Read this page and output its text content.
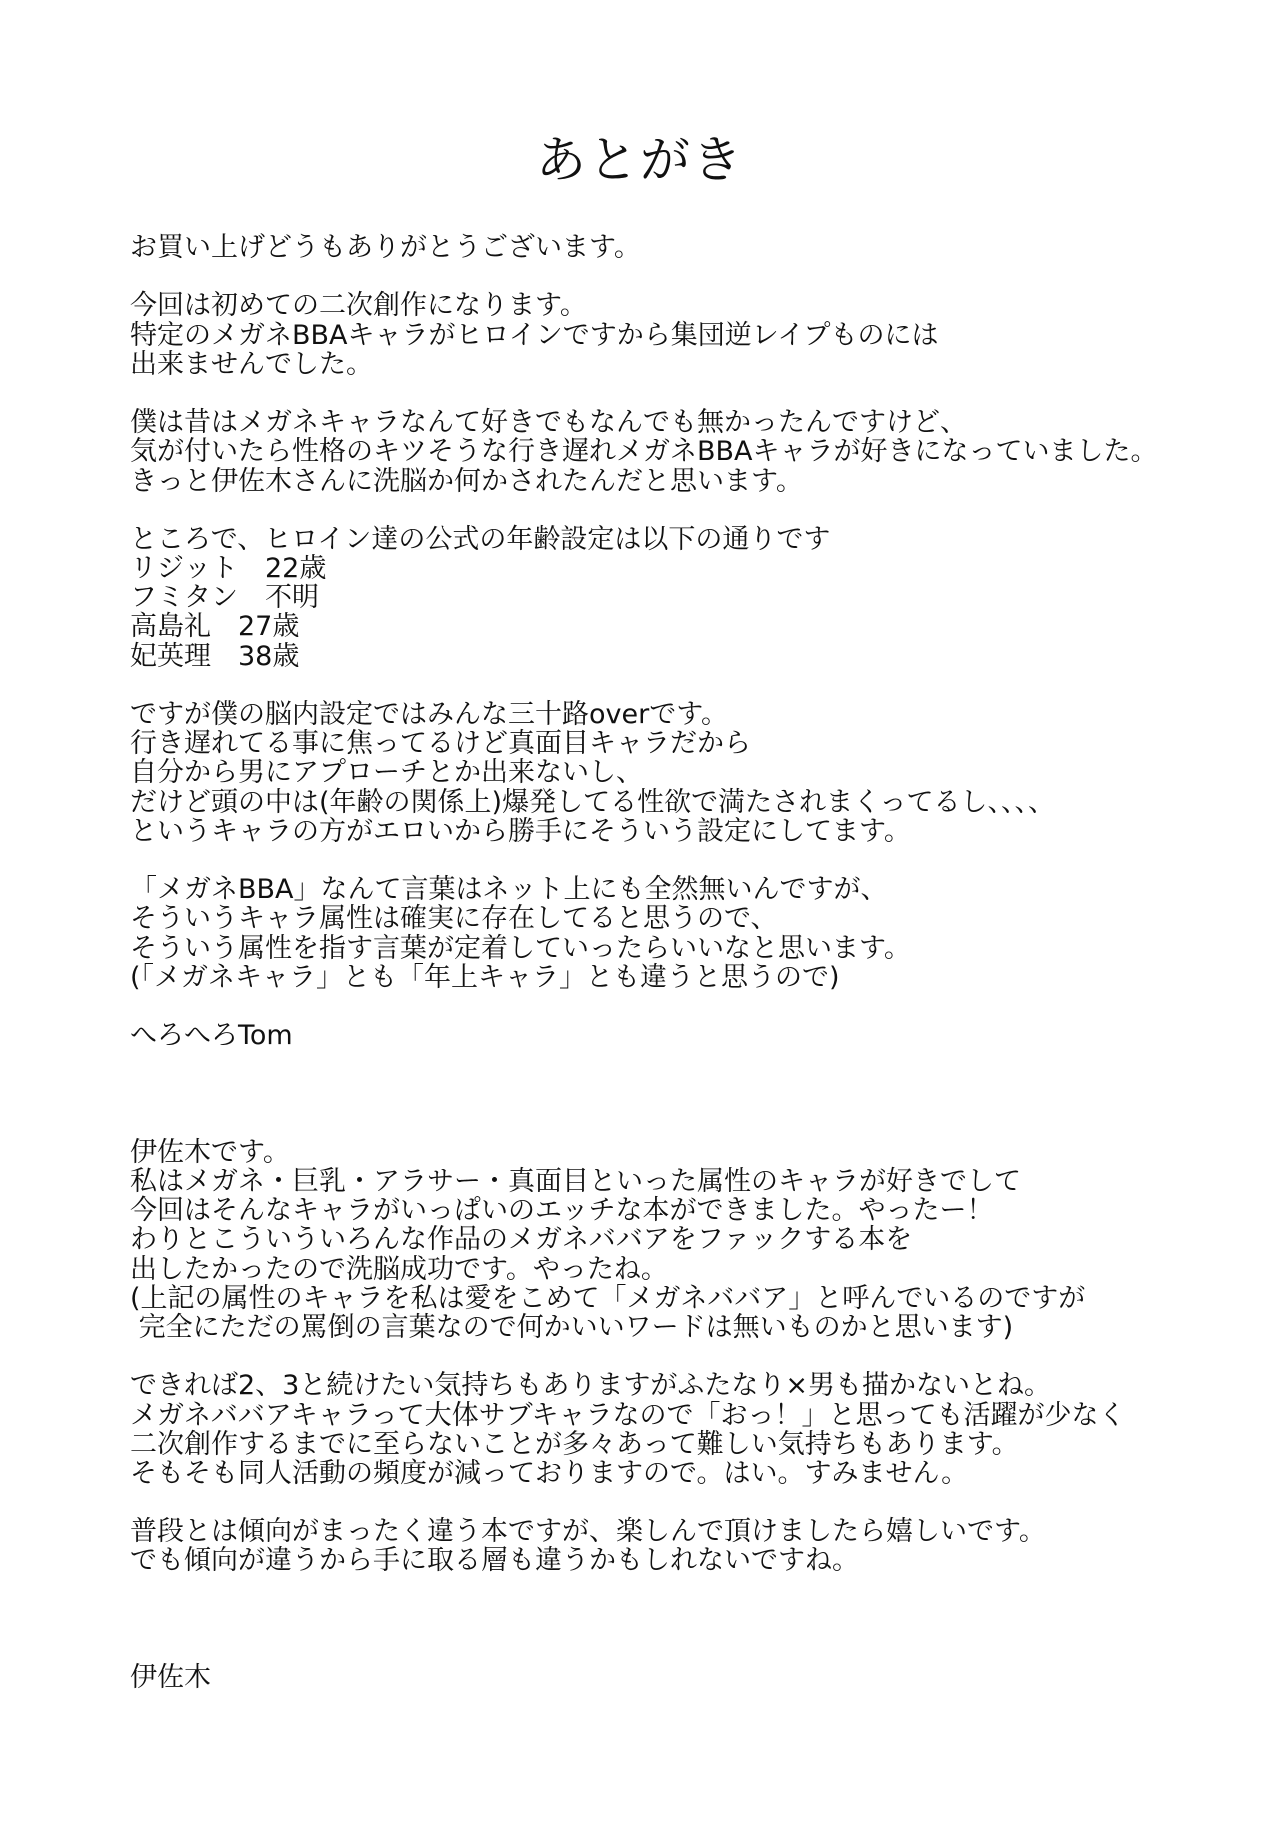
あとがき
お買い上げどうもありがとうございます。
今回は初めての二次創作になります。
特定のメガネBBAキャラがヒロインですから集団逆レイプものには
出来ませんでした。
僕は昔はメガネキャラなんて好きでもなんでも無かったんですけど、
気が付いたら性格のキツそうな行き遅れメガネBBAキャラが好きになっていました。
きっと伊佐木さんに洗脳か何かされたんだと思います。
ところで、ヒロイン達の公式の年齢設定は以下の通りです
リジット　22歳
フミタン　不明
高島礼　27歳
妃英理　38歳
ですが僕の脳内設定ではみんな三十路overです。
行き遅れてる事に焦ってるけど真面目キャラだから
自分から男にアプローチとか出来ないし、
だけど頭の中は(年齢の関係上)爆発してる性欲で満たされまくってるし、、、、
というキャラの方がエロいから勝手にそういう設定にしてます。
「メガネBBA」なんて言葉はネット上にも全然無いんですが、
そういうキャラ属性は確実に存在してると思うので、
そういう属性を指す言葉が定着していったらいいなと思います。
(「メガネキャラ」とも「年上キャラ」とも違うと思うので)
へろへろTom
伊佐木です。
私はメガネ・巨乳・アラサー・真面目といった属性のキャラが好きでして
今回はそんなキャラがいっぱいのエッチな本ができました。やったー！
わりとこういういろんな作品のメガネババアをファックする本を
出したかったので洗脳成功です。やったね。
(上記の属性のキャラを私は愛をこめて「メガネババア」と呼んでいるのですが
完全にただの罵倒の言葉なので何かいいワードは無いものかと思います)
できれば2、3と続けたい気持ちもありますがふたなり×男も描かないとね。
メガネババアキャラって大体サブキャラなので「おっ！」と思っても活躍が少なく
二次創作するまでに至らないことが多々あって難しい気持ちもあります。
そもそも同人活動の頻度が減っておりますので。はい。すみません。
普段とは傾向がまったく違う本ですが、楽しんで頂けましたら嬉しいです。
でも傾向が違うから手に取る層も違うかもしれないですね。
伊佐木
